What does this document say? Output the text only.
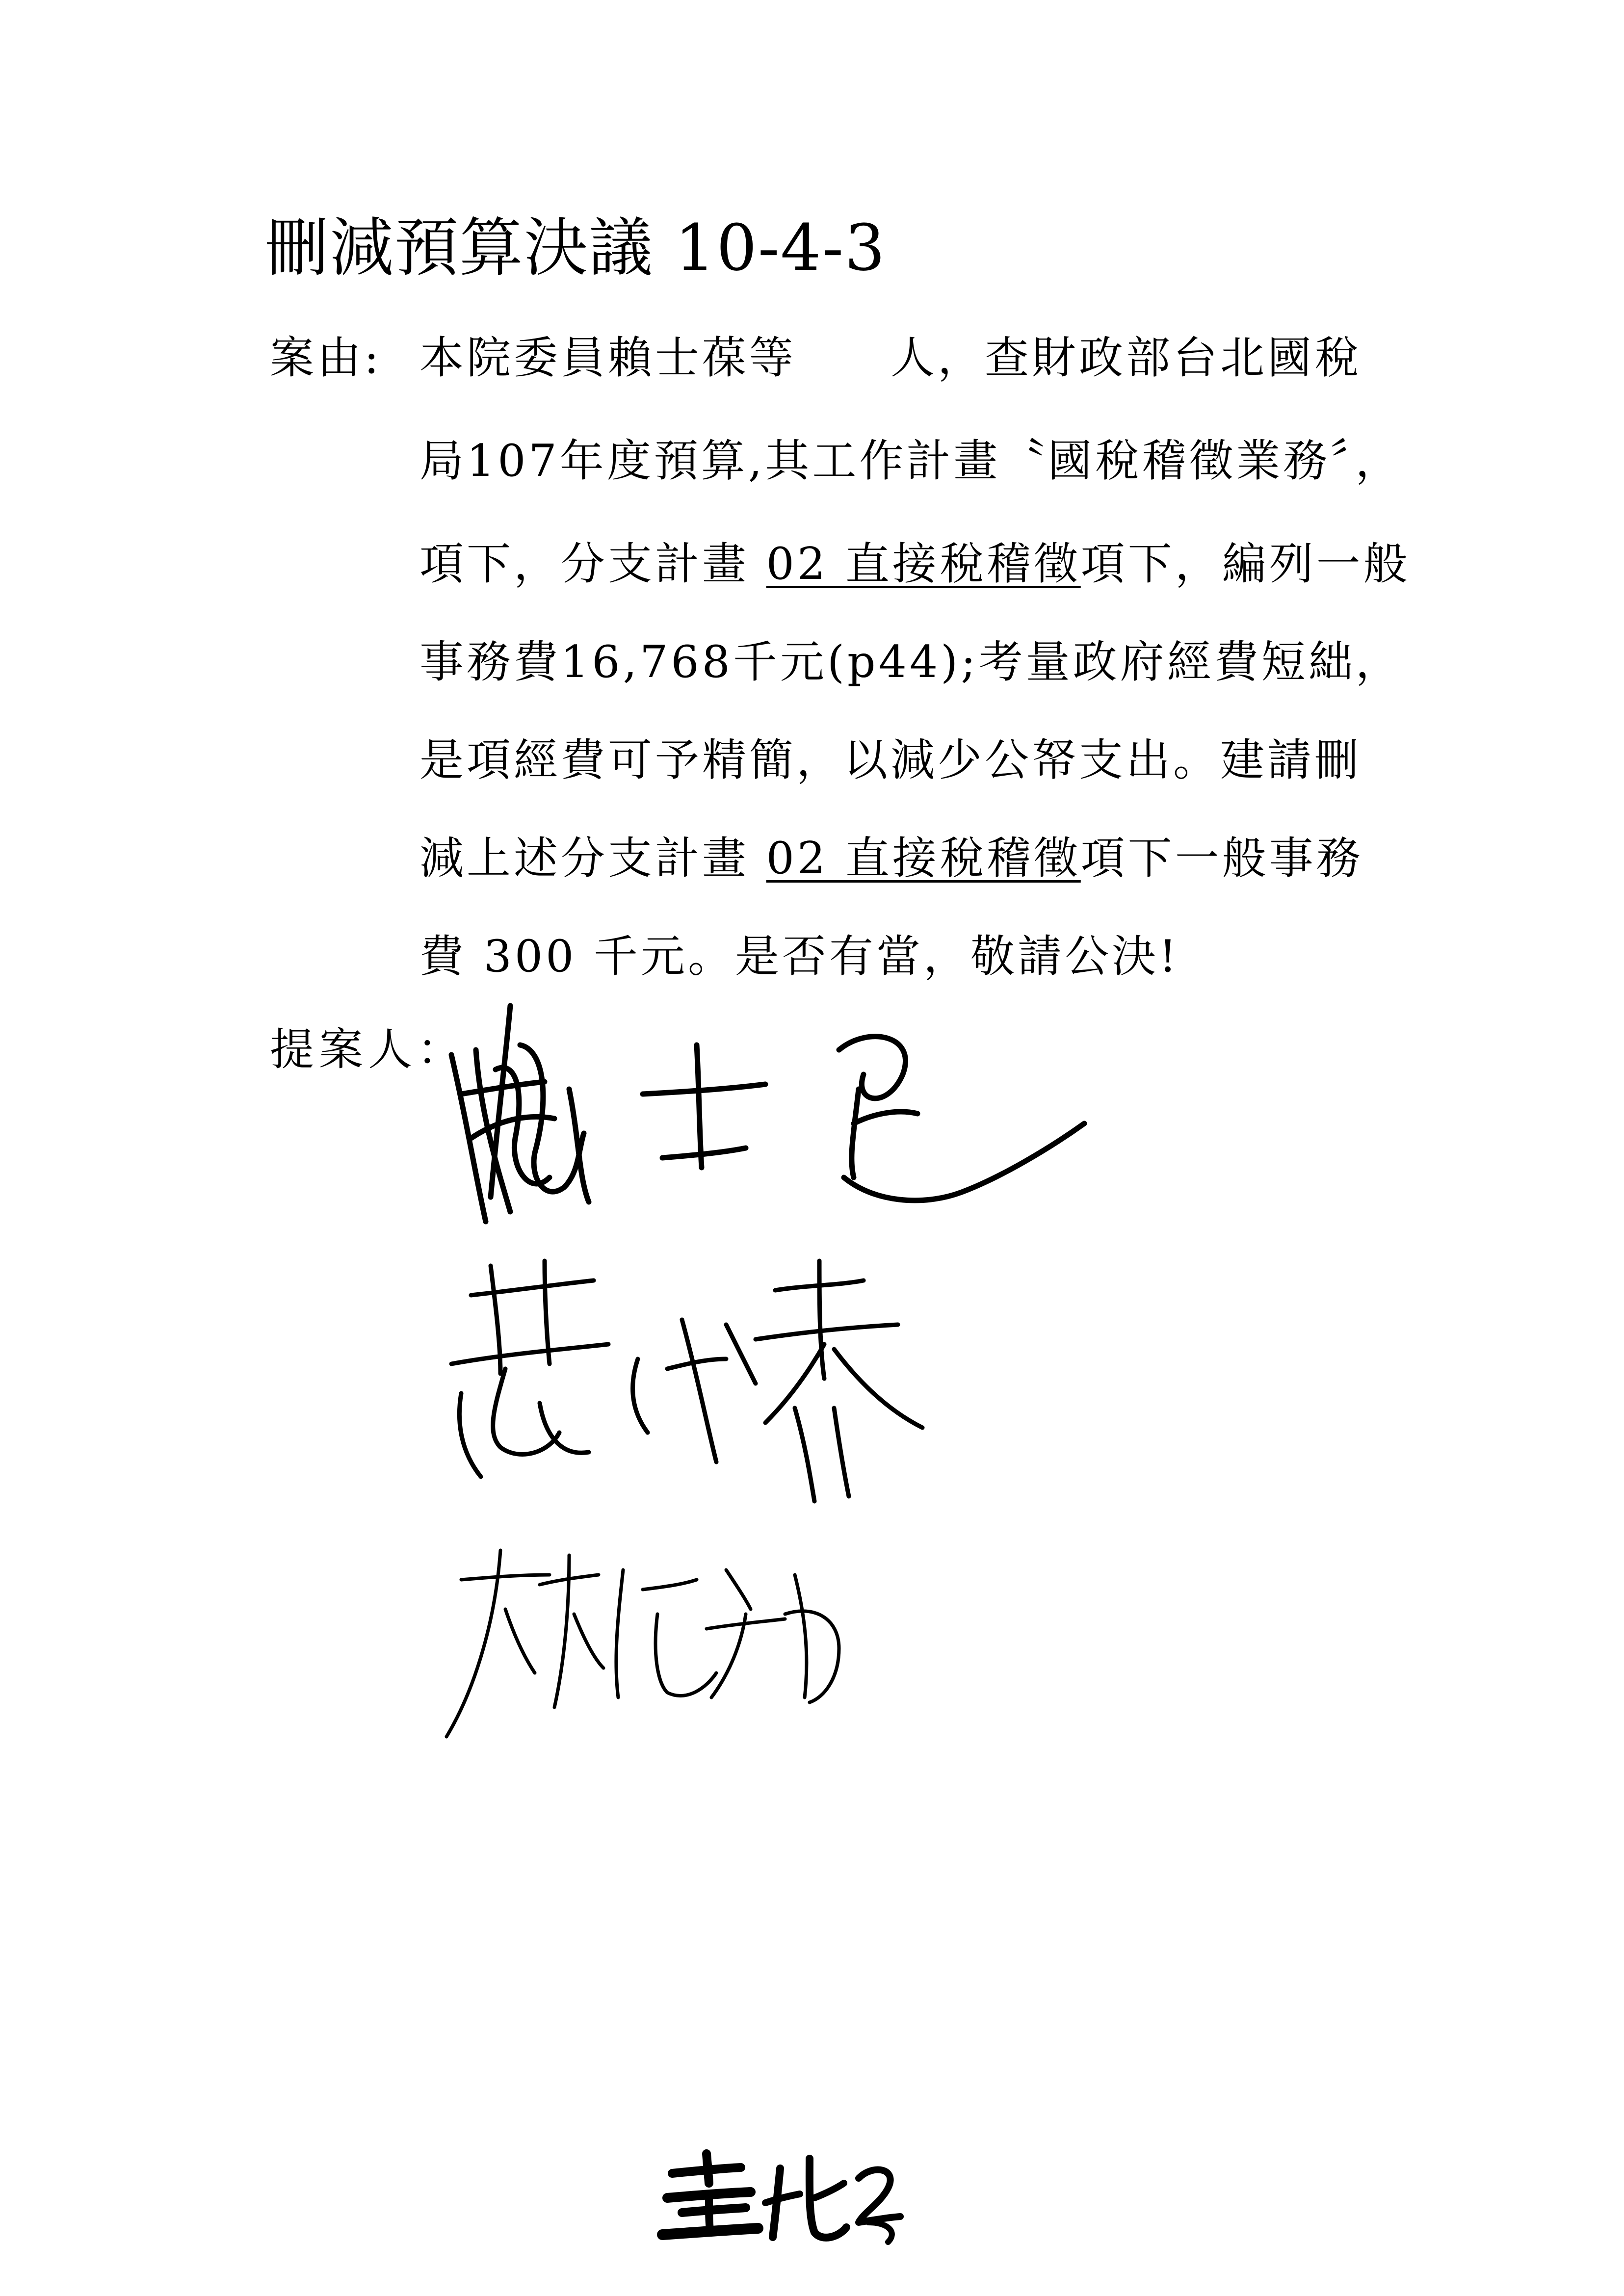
刪減預算決議 10-4-3
案由: 本院委員賴士葆等　　人，查財政部台北國稅
局107年度預算,其工作計畫〝國稅稽徵業務〞，
項下，分支計畫 02 直接稅稽徵項下，編列一般
事務費16,768千元(p44);考量政府經費短絀，
是項經費可予精簡，以減少公帑支出。建請刪
減上述分支計畫 02 直接稅稽徵項下一般事務
費 300 千元。是否有當，敬請公決!
提案人：
